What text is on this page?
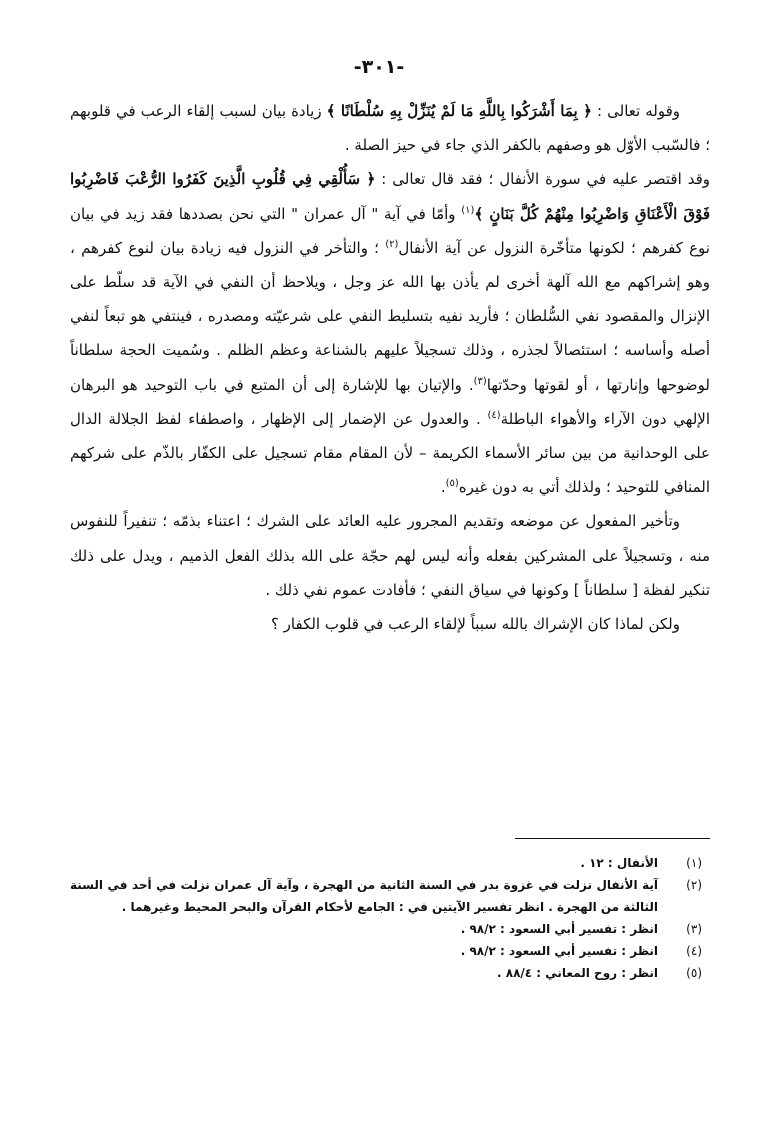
-٣٠١-

وقوله تعالى : ﴿ بِمَا أَشْرَكُوا بِاللَّهِ مَا لَمْ يُنَزِّلْ بِهِ سُلْطَانًا ﴾ زيادة بيان لسبب إلقاء الرعب في قلوبهم ؛ فالسّبب الأوّل هو وصفهم بالكفر الذي جاء في حيز الصلة .

وقد اقتصر عليه في سورة الأنفال ؛ فقد قال تعالى : ﴿ سَأُلْقِي فِي قُلُوبِ الَّذِينَ كَفَرُوا الرُّعْبَ فَاضْرِبُوا فَوْقَ الْأَعْنَاقِ وَاضْرِبُوا مِنْهُمْ كُلَّ بَنَانٍ ﴾$^{(١)}$ وأمّا في آية " آل عمران " التي نحن بصددها فقد زيد في بيان نوع كفرهم ؛ لكونها متأخّرة النزول عن آية الأنفال$^{(٢)}$ ؛ والتأخر في النزول فيه زيادة بيان لنوع كفرهم ، وهو إشراكهم مع الله آلهة أخرى لم يأذن بها الله عز وجل ، ويلاحظ أن النفي في الآية قد سلّط على الإنزال والمقصود نفي السُّلطان ؛ فأريد نفيه بتسليط النفي على شرعيّته ومصدره ، فينتفي هو تبعاً لنفي أصله وأساسه ؛ استئصالاً لجذره ، وذلك تسجيلاً عليهم بالشناعة وعظم الظلم . وسُميت الحجة سلطاناً لوضوحها وإنارتها ، أو لقوتها وحدّتها$^{(٣)}$. والإتيان بها للإشارة إلى أن المتبع في باب التوحيد هو البرهان الإلهي دون الآراء والأهواء الباطلة$^{(٤)}$ . والعدول عن الإضمار إلى الإظهار ، واصطفاء لفظ الجلالة الدال على الوحدانية من بين سائر الأسماء الكريمة – لأن المقام مقام تسجيل على الكفّار بالذّم على شركهم المنافي للتوحيد ؛ ولذلك أتي به دون غيره$^{(٥)}$.

وتأخير المفعول عن موضعه وتقديم المجرور عليه العائد على الشرك ؛ اعتناء بذمّه ؛ تنفيراً للنفوس منه ، وتسجيلاً على المشركين بفعله وأنه ليس لهم حجّة على الله بذلك الفعل الذميم ، ويدل على ذلك تنكير لفظة [ سلطاناً ] وكونها في سياق النفي ؛ فأفادت عموم نفي ذلك .

ولكن لماذا كان الإشراك بالله سبباً لإلقاء الرعب في قلوب الكفار ؟

(١)
الأنفال : ١٢ .
(٢)
آية الأنفال نزلت في غزوة بدر في السنة الثانية من الهجرة ، وآية آل عمران نزلت في أحد في السنة الثالثة من الهجرة . انظر تفسير الآيتين في : الجامع لأحكام القرآن والبحر المحيط وغيرهما .
(٣)
انظر : تفسير أبي السعود : ٩٨/٢ .
(٤)
انظر : تفسير أبي السعود : ٩٨/٢ .
(٥)
انظر : روح المعاني : ٨٨/٤ .
